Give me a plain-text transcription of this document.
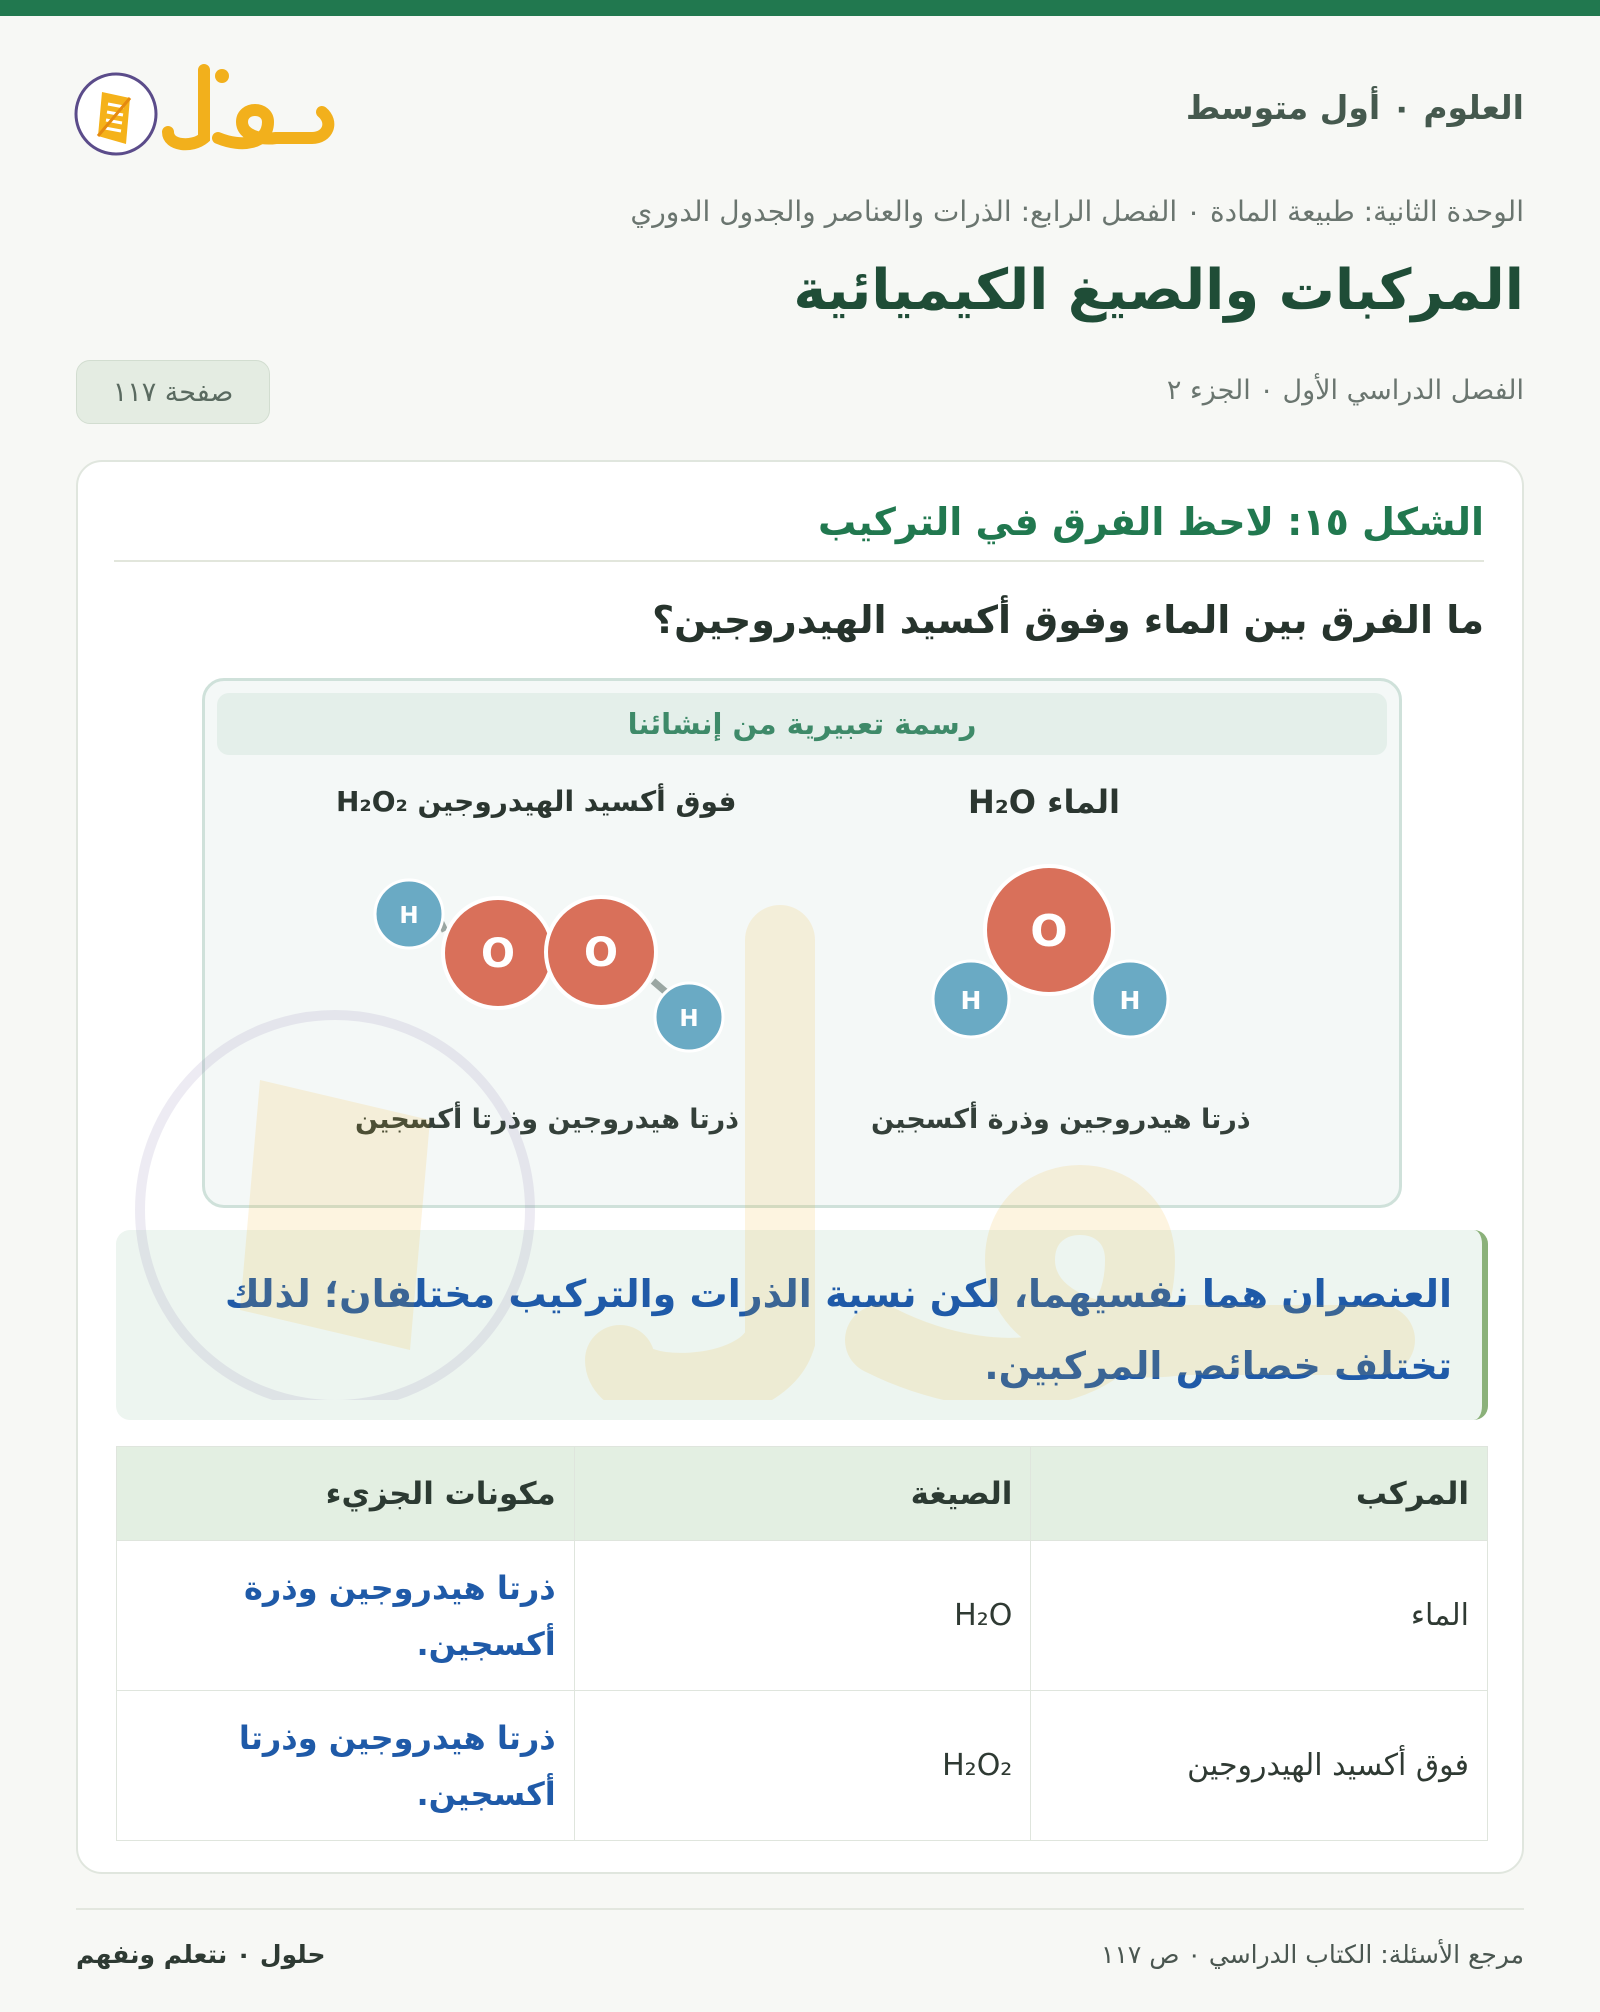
العلوم ٠ أول متوسط
الوحدة الثانية: طبيعة المادة ٠ الفصل الرابع: الذرات والعناصر والجدول الدوري
المركبات والصيغ الكيميائية
الفصل الدراسي الأول ٠ الجزء ٢
صفحة ١١٧
الشكل ١٥: لاحظ الفرق في التركيب
ما الفرق بين الماء وفوق أكسيد الهيدروجين؟
رسمة تعبيرية من إنشائنا
الماء H₂O
فوق أكسيد الهيدروجين H₂O₂
H
O O
H
O
H	H
ذرتا هيدروجين وذرة أكسجين
ذرتا هيدروجين وذرتا أكسجين
العنصران هما نفسيهما، لكن نسبة الذرات والتركيب مختلفان؛ لذلك تختلف خصائص المركبين.
المركب	الصيغة	مكونات الجزيء
الماء	H₂O	ذرتا هيدروجين وذرة أكسجين.
فوق أكسيد الهيدروجين	H₂O₂	ذرتا هيدروجين وذرتا أكسجين.
مرجع الأسئلة: الكتاب الدراسي ٠ ص ١١٧
حلول ٠ نتعلم ونفهم
